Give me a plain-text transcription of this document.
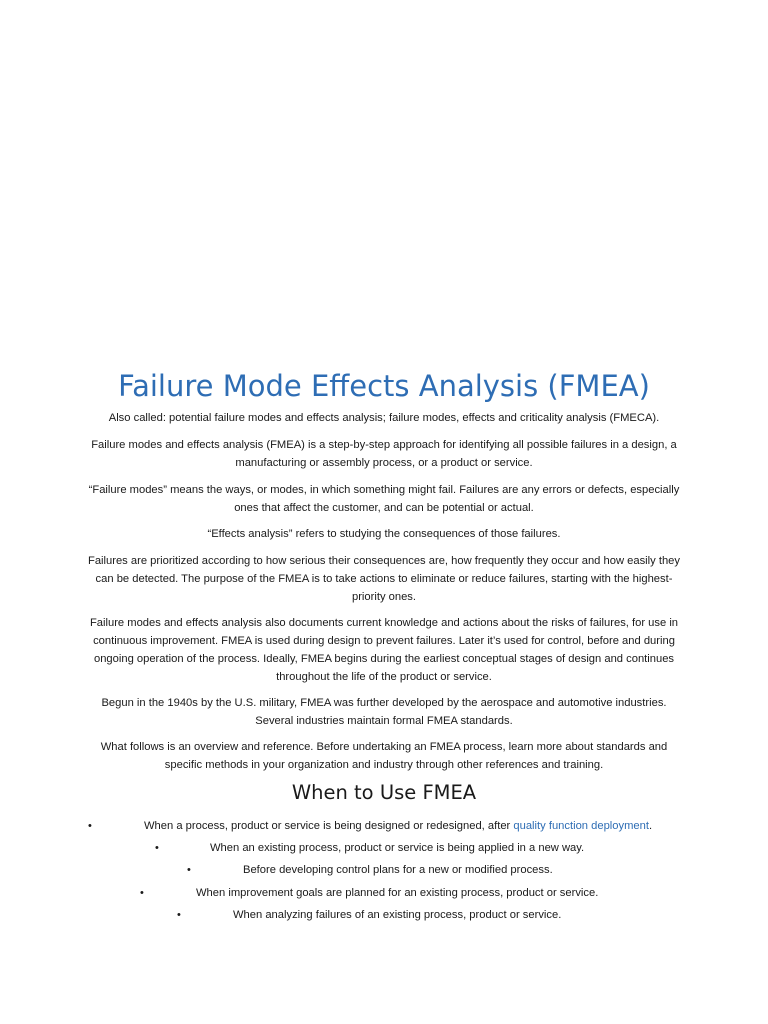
Failure Mode Effects Analysis (FMEA)

Also called: potential failure modes and effects analysis; failure modes, effects and criticality analysis (FMECA).

Failure modes and effects analysis (FMEA) is a step-by-step approach for identifying all possible failures in a design, a manufacturing or assembly process, or a product or service.

“Failure modes” means the ways, or modes, in which something might fail. Failures are any errors or defects, especially ones that affect the customer, and can be potential or actual.

“Effects analysis” refers to studying the consequences of those failures.

Failures are prioritized according to how serious their consequences are, how frequently they occur and how easily they can be detected. The purpose of the FMEA is to take actions to eliminate or reduce failures, starting with the highest-priority ones.

Failure modes and effects analysis also documents current knowledge and actions about the risks of failures, for use in continuous improvement. FMEA is used during design to prevent failures. Later it’s used for control, before and during ongoing operation of the process. Ideally, FMEA begins during the earliest conceptual stages of design and continues throughout the life of the product or service.

Begun in the 1940s by the U.S. military, FMEA was further developed by the aerospace and automotive industries. Several industries maintain formal FMEA standards.

What follows is an overview and reference. Before undertaking an FMEA process, learn more about standards and specific methods in your organization and industry through other references and training.

When to Use FMEA
•	When a process, product or service is being designed or redesigned, after quality function deployment.
•	When an existing process, product or service is being applied in a new way.
•	Before developing control plans for a new or modified process.
•	When improvement goals are planned for an existing process, product or service.
•	When analyzing failures of an existing process, product or service.
